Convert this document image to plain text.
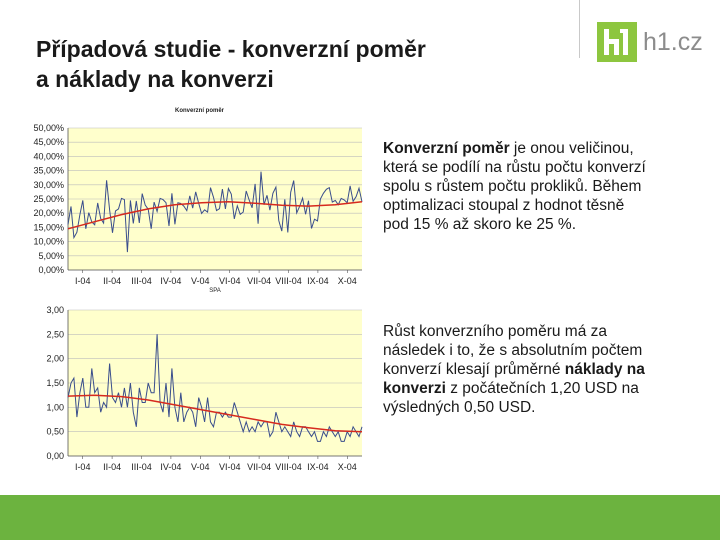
Případová studie - konverzní poměr
a náklady na konverzi
h1.cz
50,00%
45,00%
40,00%
35,00%
30,00%
25,00%
20,00%
15,00%
10,00%
5,00%
0,00%
I-04 II-04 III-04 IV-04 V-04 VI-04 VII-04 VIII-04 IX-04 X-04
Konverzní poměr
SPA
3,00
2,50
2,00
1,50
1,00
0,50
0,00
I-04 II-04 III-04 IV-04 V-04 VI-04 VII-04 VIII-04 IX-04 X-04
Konverzní poměr je onou veličinou,
která se podílí na růstu počtu konverzí
spolu s růstem počtu prokliků. Během
optimalizaci stoupal z hodnot těsně
pod 15 % až skoro ke 25 %.
Růst konverzního poměru má za
následek i to, že s absolutním počtem
konverzí klesají průměrné náklady na
konverzi z počátečních 1,20 USD na
výsledných 0,50 USD.
